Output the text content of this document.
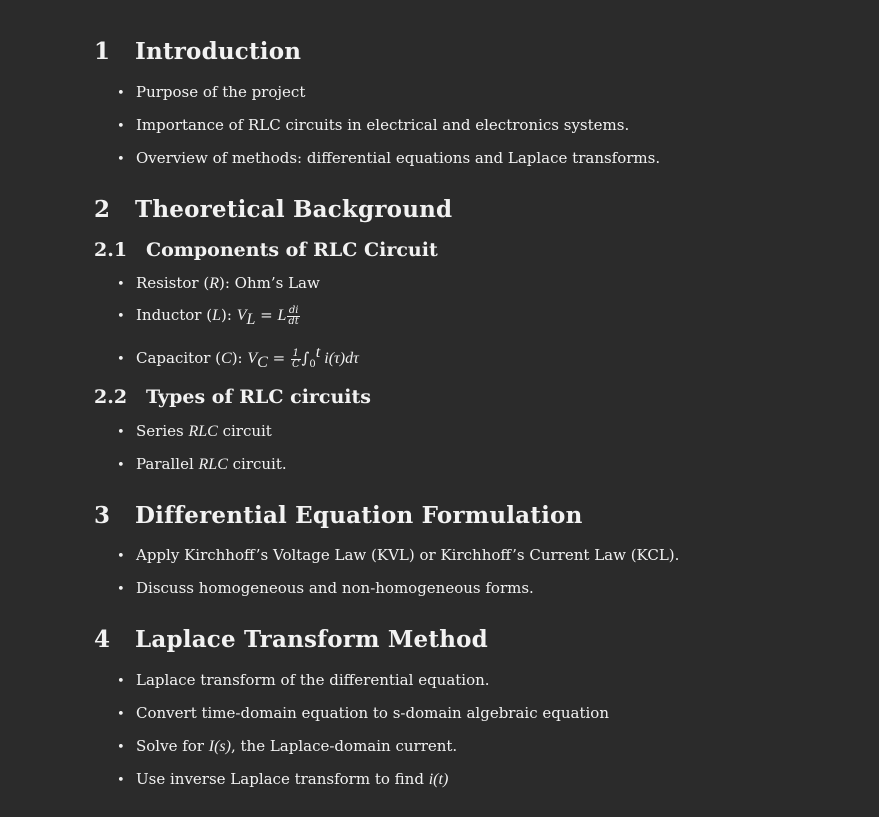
1 Introduction
• Purpose of the project
• Importance of RLC circuits in electrical and electronics systems.
• Overview of methods: differential equations and Laplace transforms.
2 Theoretical Background
2.1 Components of RLC Circuit
• Resistor (R): Ohm’s Law
• Inductor (L): $V_L = L \frac{di}{dt}$
• Capacitor (C): $V_C = \frac{1}{C} \int_0^t$ i(τ)dτ
2.2 Types of RLC circuits
• Series RLC circuit
• Parallel RLC circuit.
3 Differential Equation Formulation
• Apply Kirchhoff’s Voltage Law (KVL) or Kirchhoff’s Current Law (KCL).
• Discuss homogeneous and non-homogeneous forms.
4 Laplace Transform Method
• Laplace transform of the differential equation.
• Convert time-domain equation to s-domain algebraic equation
• Solve for I(s), the Laplace-domain current.
• Use inverse Laplace transform to find i(t)
